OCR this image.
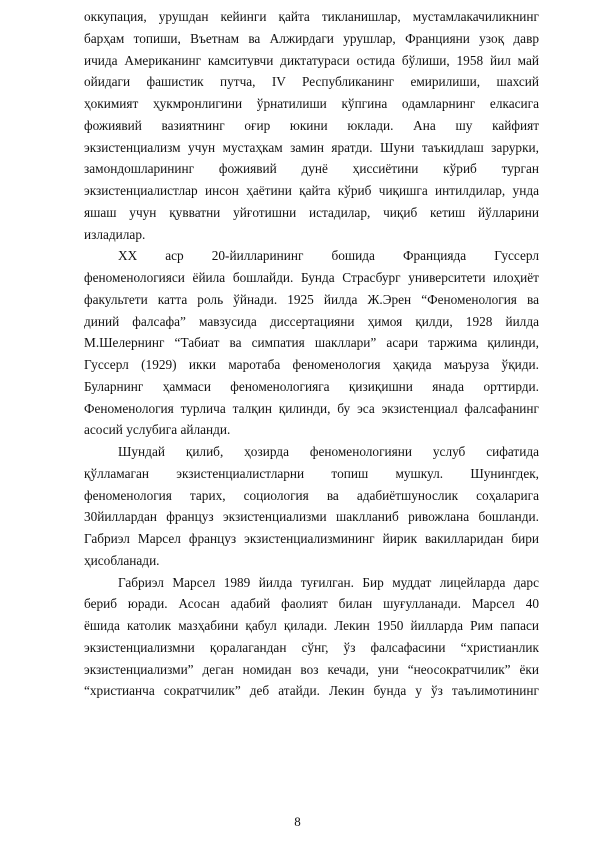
оккупация, урушдан кейинги қайта тикланишлар, мустамлакачиликнинг
барҳам топиши, Въетнам ва Алжирдаги урушлар, Францияни узоқ давр
ичида Американинг камситувчи диктатураси остида бўлиши, 1958 йил май
ойидаги фашистик путча, IV Республиканинг емирилиши, шахсий
ҳокимият ҳукмронлигини ўрнатилиши кўпгина одамларнинг елкасига
фожиявий вазиятнинг оғир юкини юклади. Ана шу кайфият
экзистенциализм учун мустаҳкам замин яратди. Шуни таъкидлаш зарурки,
замондошларининг фожиявий дунё ҳиссиётини кўриб турган
экзистенциалистлар инсон ҳаётини қайта кўриб чиқишга интилдилар, унда
яшаш учун қувватни уйғотишни истадилар, чиқиб кетиш йўлларини
изладилар.
XX аср 20-йилларининг бошида Францияда Гуссерл
феноменологияси ёйила бошлайди. Бунда Страсбург университети илоҳиёт
факультети катта роль ўйнади. 1925 йилда Ж.Эрен “Феноменология ва
диний фалсафа” мавзусида диссертацияни ҳимоя қилди, 1928 йилда
М.Шелернинг “Табиат ва симпатия шакллари” асари таржима қилинди,
Гуссерл (1929) икки маротаба феноменология ҳақида маъруза ўқиди.
Буларнинг ҳаммаси феноменологияга қизиқишни янада орттирди.
Феноменология турлича талқин қилинди, бу эса экзистенциал фалсафанинг
асосий услубига айланди.
Шундай қилиб, ҳозирда феноменологияни услуб сифатида
қўлламаган экзистенциалистларни топиш мушкул. Шунингдек,
феноменология тарих, социология ва адабиётшунослик соҳаларига
30йиллардан француз экзистенциализми шаклланиб ривожлана бошланди.
Габриэл Марсел француз экзистенциализмининг йирик вакилларидан бири
ҳисобланади.
Габриэл Марсел 1989 йилда туғилган. Бир муддат лицейларда дарс
бериб юради. Асосан адабий фаолият билан шуғулланади. Марсел 40
ёшида католик мазҳабини қабул қилади. Лекин 1950 йилларда Рим папаси
экзистенциализмни қоралагандан сўнг, ўз фалсафасини “христианлик
экзистенциализми” деган номидан воз кечади, уни “неосократчилик” ёки
“христианча сократчилик” деб атайди. Лекин бунда у ўз таълимотининг
8
